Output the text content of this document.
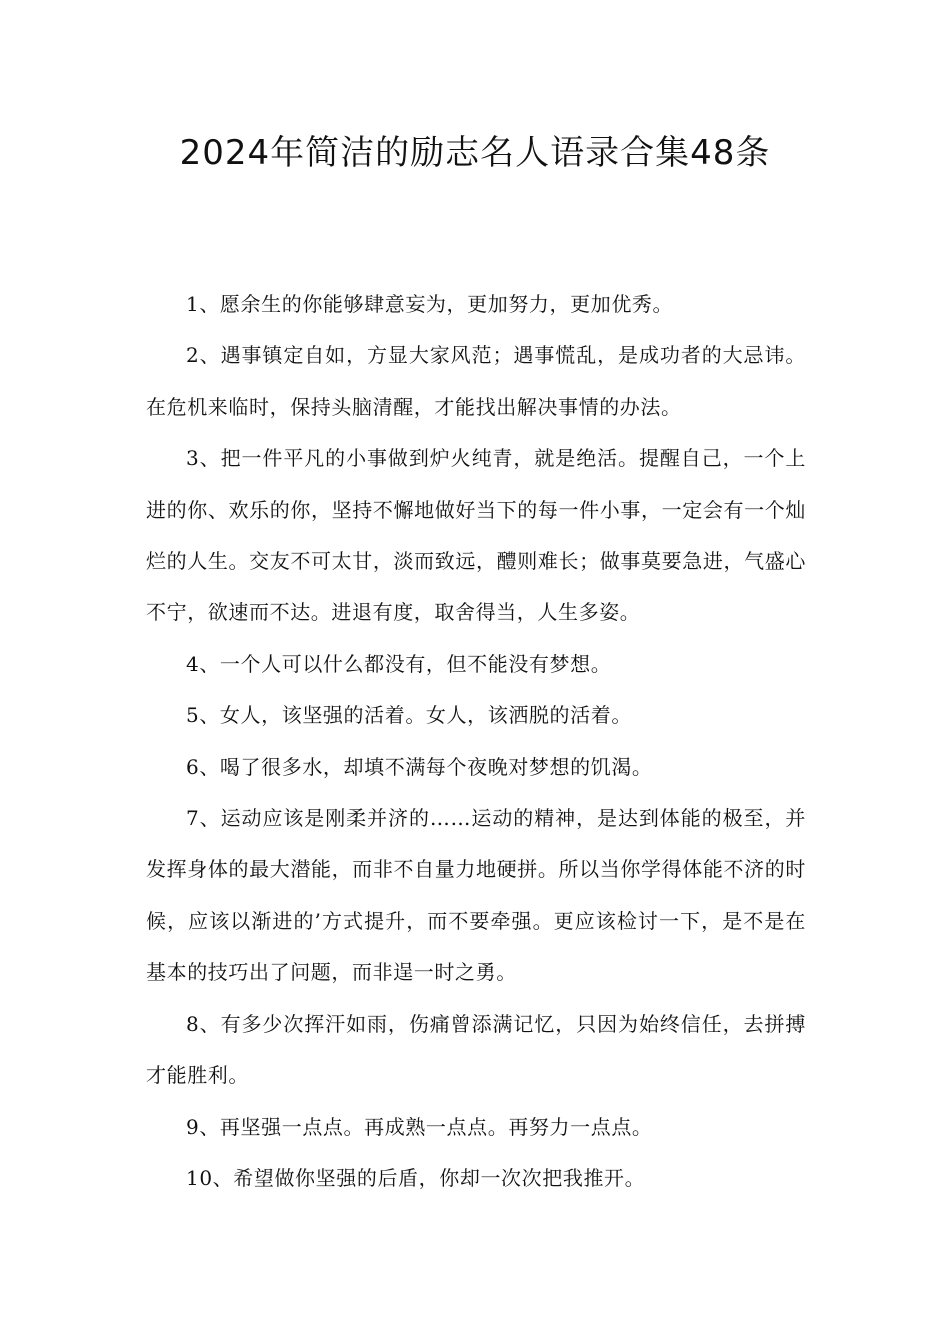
2024年简洁的励志名人语录合集48条

1、愿余生的你能够肆意妄为，更加努力，更加优秀。

2、遇事镇定自如，方显大家风范；遇事慌乱，是成功者的大忌讳。在危机来临时，保持头脑清醒，才能找出解决事情的办法。

3、把一件平凡的小事做到炉火纯青，就是绝活。提醒自己，一个上进的你、欢乐的你，坚持不懈地做好当下的每一件小事，一定会有一个灿烂的人生。交友不可太甘，淡而致远，醴则难长；做事莫要急进，气盛心不宁，欲速而不达。进退有度，取舍得当，人生多姿。

4、一个人可以什么都没有，但不能没有梦想。

5、女人，该坚强的活着。女人，该洒脱的活着。

6、喝了很多水，却填不满每个夜晚对梦想的饥渴。

7、运动应该是刚柔并济的……运动的精神，是达到体能的极至，并发挥身体的最大潜能，而非不自量力地硬拼。所以当你学得体能不济的时候，应该以渐进的’方式提升，而不要牵强。更应该检讨一下，是不是在基本的技巧出了问题，而非逞一时之勇。

8、有多少次挥汗如雨，伤痛曾添满记忆，只因为始终信任，去拼搏才能胜利。

9、再坚强一点点。再成熟一点点。再努力一点点。

10、希望做你坚强的后盾，你却一次次把我推开。
